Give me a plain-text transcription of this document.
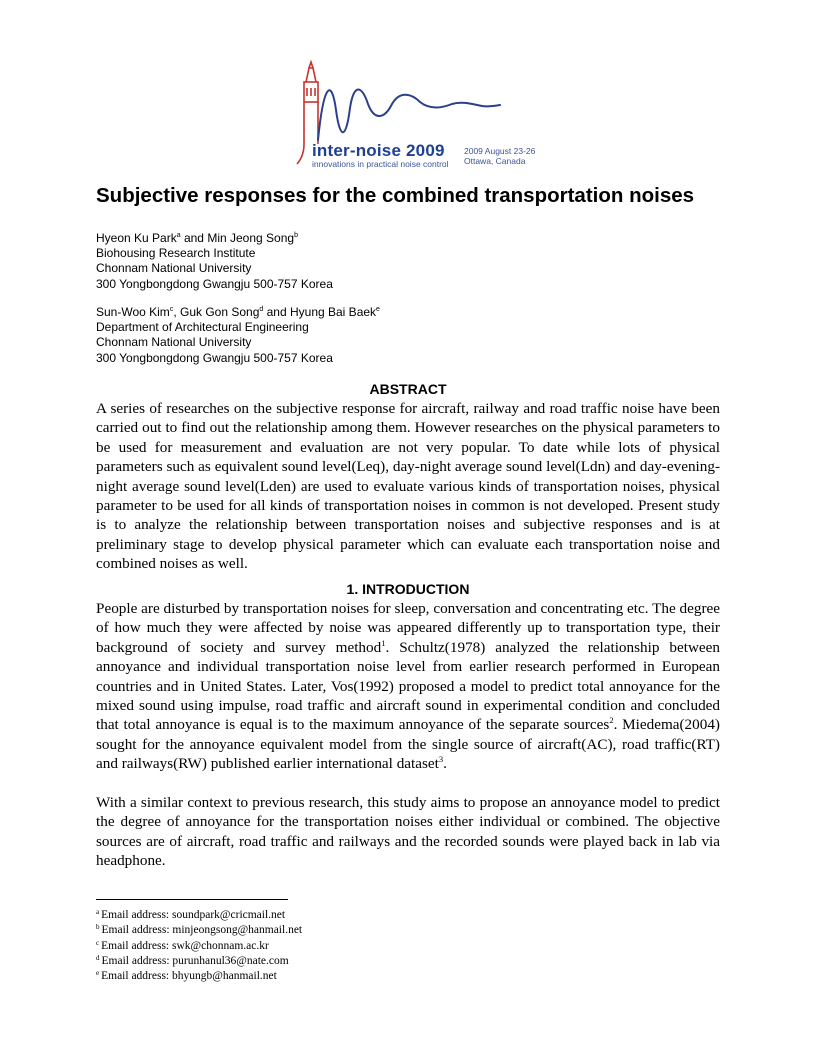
inter-noise 2009
innovations in practical noise control
2009 August 23-26
Ottawa, Canada
Subjective responses for the combined transportation noises
Hyeon Ku Park$^a$ and Min Jeong Song$^b$
Biohousing Research Institute
Chonnam National University
300 Yongbongdong Gwangju 500-757 Korea
Sun-Woo Kim$^c$, Guk Gon Song$^d$ and Hyung Bai Baek$^e$
Department of Architectural Engineering
Chonnam National University
300 Yongbongdong Gwangju 500-757 Korea
ABSTRACT
A series of researches on the subjective response for aircraft, railway and road traffic noise have been carried out to find out the relationship among them. However researches on the physical parameters to be used for measurement and evaluation are not very popular. To date while lots of physical parameters such as equivalent sound level(Leq), day-night average sound level(Ldn) and day-evening-night average sound level(Lden) are used to evaluate various kinds of transportation noises, physical parameter to be used for all kinds of transportation noises in common is not developed. Present study is to analyze the relationship between transportation noises and subjective responses and is at preliminary stage to develop physical parameter which can evaluate each transportation noise and combined noises as well.
1. INTRODUCTION
People are disturbed by transportation noises for sleep, conversation and concentrating etc. The degree of how much they were affected by noise was appeared differently up to transportation type, their background of society and survey method$^1$. Schultz(1978) analyzed the relationship between annoyance and individual transportation noise level from earlier research performed in European countries and in United States. Later, Vos(1992) proposed a model to predict total annoyance for the mixed sound using impulse, road traffic and aircraft sound in experimental condition and concluded that total annoyance is equal is to the maximum annoyance of the separate sources$^2$. Miedema(2004) sought for the annoyance equivalent model from the single source of aircraft(AC), road traffic(RT) and railways(RW) published earlier international dataset$^3$.
With a similar context to previous research, this study aims to propose an annoyance model to predict the degree of annoyance for the transportation noises either individual or combined. The objective sources are of aircraft, road traffic and railways and the recorded sounds were played back in lab via headphone.
$^a$ Email address: soundpark@cricmail.net
$^b$ Email address: minjeongsong@hanmail.net
$^c$ Email address: swk@chonnam.ac.kr
$^d$ Email address: purunhanul36@nate.com
$^e$ Email address: bhyungb@hanmail.net
